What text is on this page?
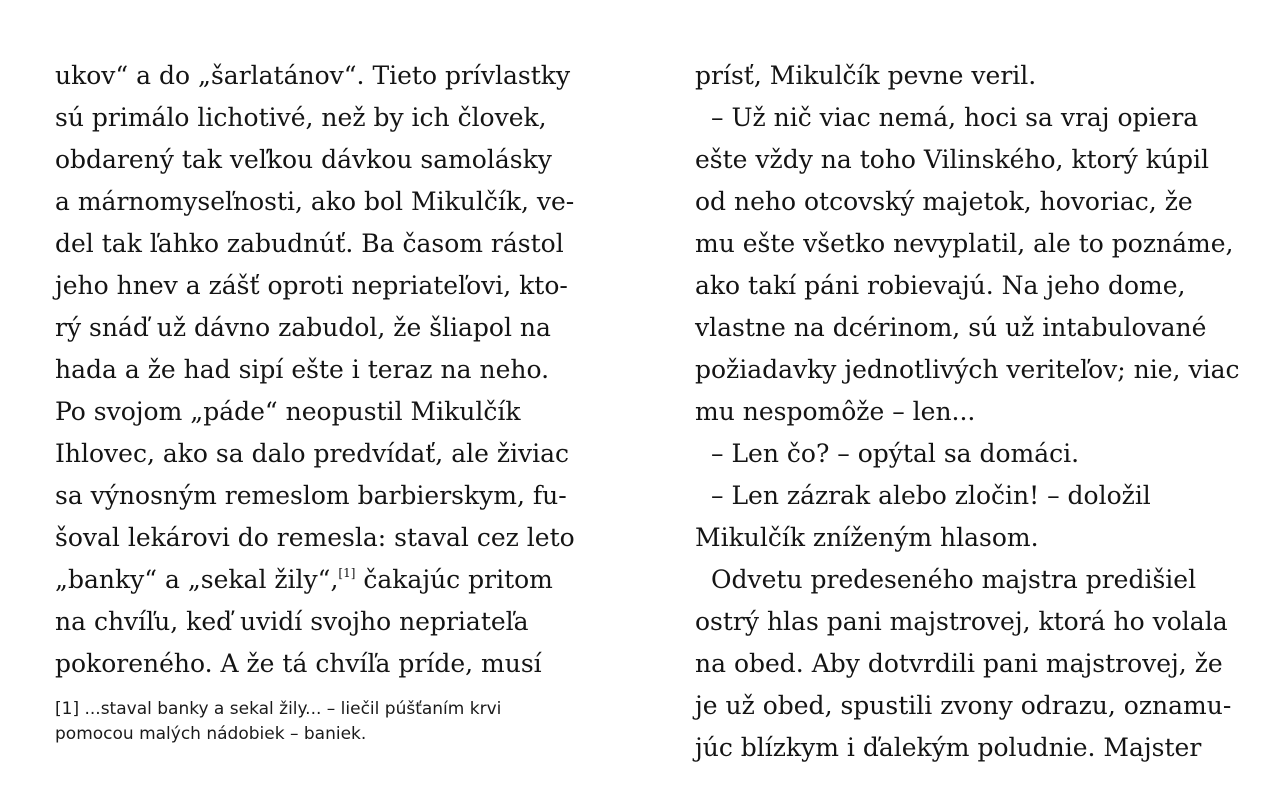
ukov“ a do „šarlatánov“. Tieto prívlastky
sú primálo lichotivé, než by ich človek,
obdarený tak veľkou dávkou samolásky
a márnomyseľnosti, ako bol Mikulčík, ve-
del tak ľahko zabudnúť. Ba časom rástol
jeho hnev a zášť oproti nepriateľovi, kto-
rý snáď už dávno zabudol, že šliapol na
hada a že had sipí ešte i teraz na neho.
Po svojom „páde“ neopustil Mikulčík
Ihlovec, ako sa dalo predvídať, ale živiac
sa výnosným remeslom barbierskym, fu-
šoval lekárovi do remesla: staval cez leto
„banky“ a „sekal žily“,[1] čakajúc pritom
na chvíľu, keď uvidí svojho nepriateľa
pokoreného. A že tá chvíľa príde, musí
[1] ...staval banky a sekal žily... – liečil púšťaním krvi
pomocou malých nádobiek – baniek.
prísť, Mikulčík pevne veril.
– Už nič viac nemá, hoci sa vraj opiera
ešte vždy na toho Vilinského, ktorý kúpil
od neho otcovský majetok, hovoriac, že
mu ešte všetko nevyplatil, ale to poznáme,
ako takí páni robievajú. Na jeho dome,
vlastne na dcérinom, sú už intabulované
požiadavky jednotlivých veriteľov; nie, viac
mu nespomôže – len...
– Len čo? – opýtal sa domáci.
– Len zázrak alebo zločin! – doložil
Mikulčík zníženým hlasom.
Odvetu predeseného majstra predišiel
ostrý hlas pani majstrovej, ktorá ho volala
na obed. Aby dotvrdili pani majstrovej, že
je už obed, spustili zvony odrazu, oznamu-
júc blízkym i ďalekým poludnie. Majster
